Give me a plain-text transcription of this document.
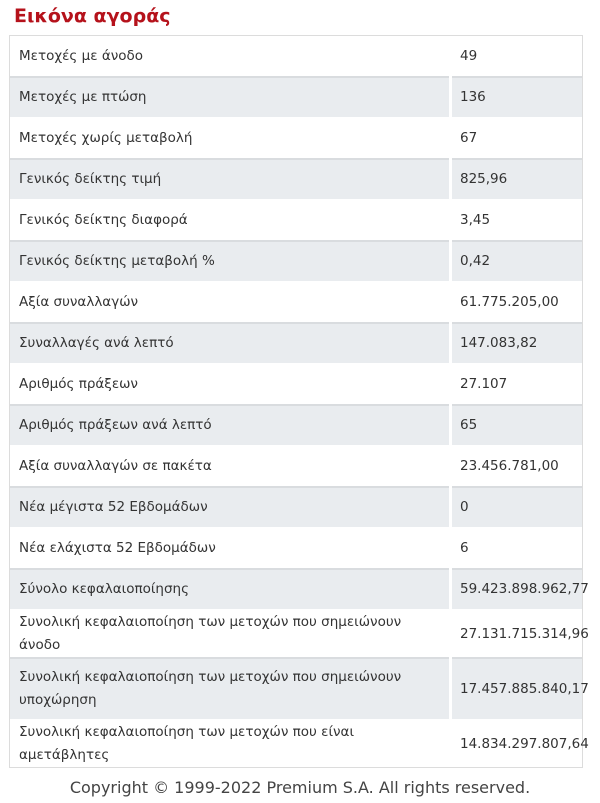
Εικόνα αγοράς
Μετοχές με άνοδο	49
Μετοχές με πτώση	136
Μετοχές χωρίς μεταβολή	67
Γενικός δείκτης τιμή	825,96
Γενικός δείκτης διαφορά	3,45
Γενικός δείκτης μεταβολή %	0,42
Αξία συναλλαγών	61.775.205,00
Συναλλαγές ανά λεπτό	147.083,82
Αριθμός πράξεων	27.107
Αριθμός πράξεων ανά λεπτό	65
Αξία συναλλαγών σε πακέτα	23.456.781,00
Νέα μέγιστα 52 Εβδομάδων	0
Νέα ελάχιστα 52 Εβδομάδων	6
Σύνολο κεφαλαιοποίησης	59.423.898.962,77
Συνολική κεφαλαιοποίηση των μετοχών που σημειώνουν άνοδο	27.131.715.314,96
Συνολική κεφαλαιοποίηση των μετοχών που σημειώνουν υποχώρηση	17.457.885.840,17
Συνολική κεφαλαιοποίηση των μετοχών που είναι αμετάβλητες	14.834.297.807,64
Copyright © 1999-2022 Premium S.A. All rights reserved.
